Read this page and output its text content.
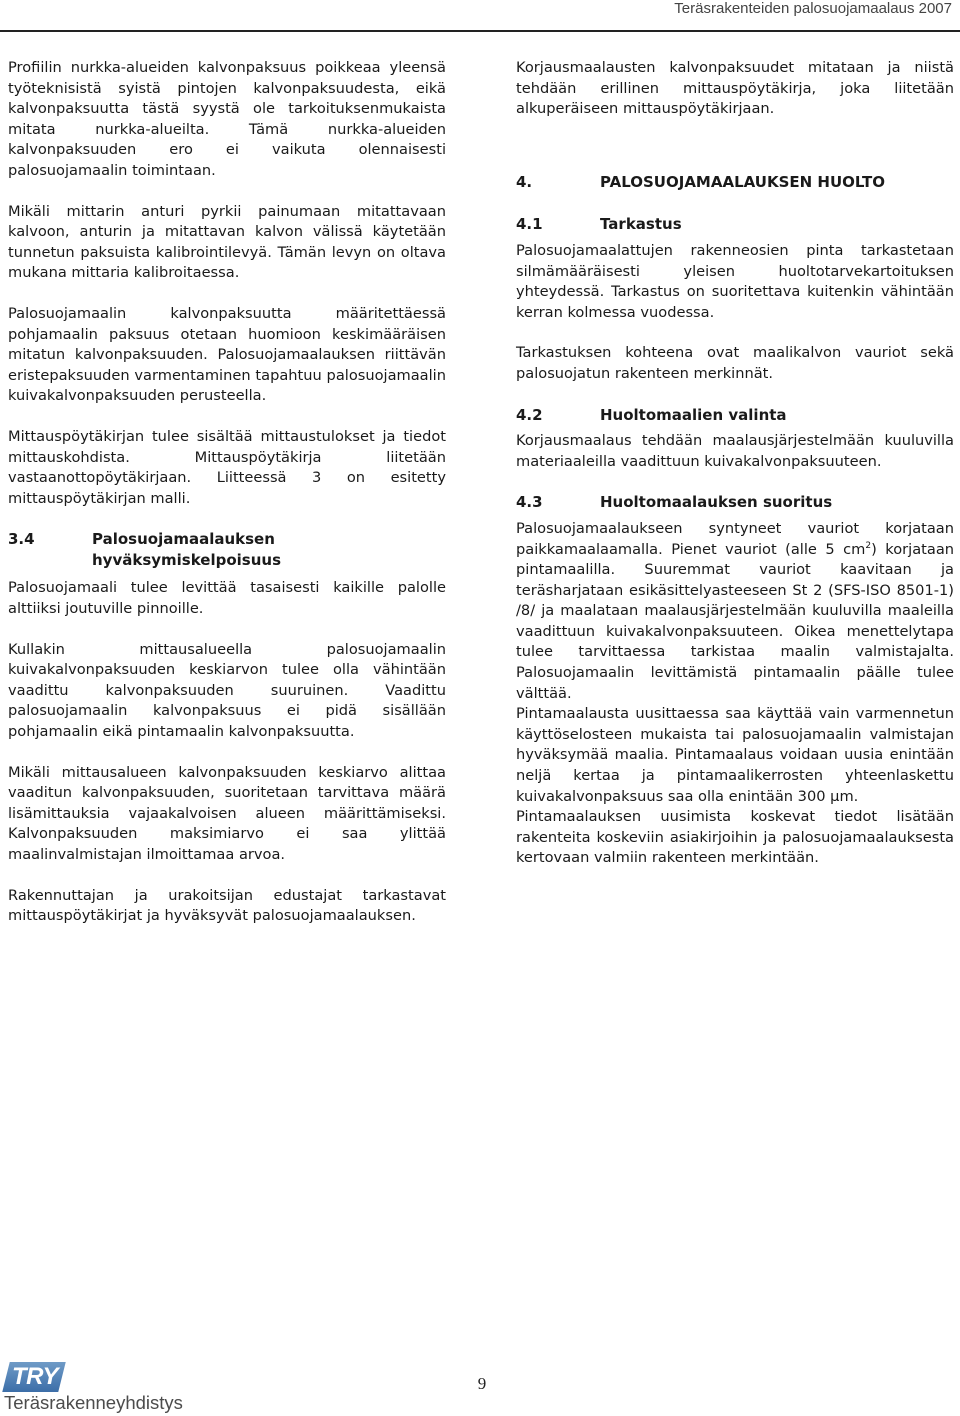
Teräsrakenteiden palosuojamaalaus 2007

Profiilin nurkka-alueiden kalvonpaksuus poikkeaa yleensä työteknisistä syistä pintojen kalvonpaksuudesta, eikä kalvonpaksuutta tästä syystä ole tarkoituksenmukaista mitata nurkka-alueilta. Tämä nurkka-alueiden kalvonpaksuuden ero ei vaikuta olennaisesti palosuojamaalin toimintaan.

Mikäli mittarin anturi pyrkii painumaan mitattavaan kalvoon, anturin ja mitattavan kalvon välissä käytetään tunnetun paksuista kalibrointilevyä. Tämän levyn on oltava mukana mittaria kalibroitaessa.

Palosuojamaalin kalvonpaksuutta määritettäessä pohjamaalin paksuus otetaan huomioon keskimääräisen mitatun kalvonpaksuuden. Palosuojamaalauksen riittävän eristepaksuuden varmentaminen tapahtuu palosuojamaalin kuivakalvonpaksuuden perusteella.

Mittauspöytäkirjan tulee sisältää mittaustulokset ja tiedot mittauskohdista. Mittauspöytäkirja liitetään vastaanottopöytäkirjaan. Liitteessä 3 on esitetty mittauspöytäkirjan malli.

3.4	Palosuojamaalauksen hyväksymiskelpoisuus

Palosuojamaali tulee levittää tasaisesti kaikille palolle alttiiksi joutuville pinnoille.

Kullakin mittausalueella palosuojamaalin kuivakalvonpaksuuden keskiarvon tulee olla vähintään vaadittu kalvonpaksuuden suuruinen. Vaadittu palosuojamaalin kalvonpaksuus ei pidä sisällään pohjamaalin eikä pintamaalin kalvonpaksuutta.

Mikäli mittausalueen kalvonpaksuuden keskiarvo alittaa vaaditun kalvonpaksuuden, suoritetaan tarvittava määrä lisämittauksia vajaakalvoisen alueen määrittämiseksi. Kalvonpaksuuden maksimiarvo ei saa ylittää maalinvalmistajan ilmoittamaa arvoa.

Rakennuttajan ja urakoitsijan edustajat tarkastavat mittauspöytäkirjat ja hyväksyvät palosuojamaalauksen.

Korjausmaalausten kalvonpaksuudet mitataan ja niistä tehdään erillinen mittauspöytäkirja, joka liitetään alkuperäiseen mittauspöytäkirjaan.

4.	PALOSUOJAMAALAUKSEN HUOLTO
4.1	Tarkastus

Palosuojamaalattujen rakenneosien pinta tarkastetaan silmämääräisesti yleisen huoltotarvekartoituksen yhteydessä. Tarkastus on suoritettava kuitenkin vähintään kerran kolmessa vuodessa.

Tarkastuksen kohteena ovat maalikalvon vauriot sekä palosuojatun rakenteen merkinnät.

4.2	Huoltomaalien valinta

Korjausmaalaus tehdään maalausjärjestelmään kuuluvilla materiaaleilla vaadittuun kuivakalvonpaksuuteen.

4.3	Huoltomaalauksen suoritus

Palosuojamaalaukseen syntyneet vauriot korjataan paikkamaalaamalla. Pienet vauriot (alle 5 $cm^2$) korjataan pintamaalilla. Suuremmat vauriot kaavitaan ja teräsharjataan esikäsittelyasteeseen St 2 (SFS-ISO 8501-1) /8/ ja maalataan maalausjärjestelmään kuuluvilla maaleilla vaadittuun kuivakalvonpaksuuteen. Oikea menettelytapa tulee tarvittaessa tarkistaa maalin valmistajalta. Palosuojamaalin levittämistä pintamaalin päälle tulee välttää.

Pintamaalausta uusittaessa saa käyttää vain varmennetun käyttöselosteen mukaista tai palosuojamaalin valmistajan hyväksymää maalia. Pintamaalaus voidaan uusia enintään neljä kertaa ja pintamaalikerrosten yhteenlaskettu kuivakalvonpaksuus saa olla enintään 300 μm.

Pintamaalauksen uusimista koskevat tiedot lisätään rakenteita koskeviin asiakirjoihin ja palosuojamaalauksesta kertovaan valmiin rakenteen merkintään.

TRY
Teräsrakenneyhdistys
9
